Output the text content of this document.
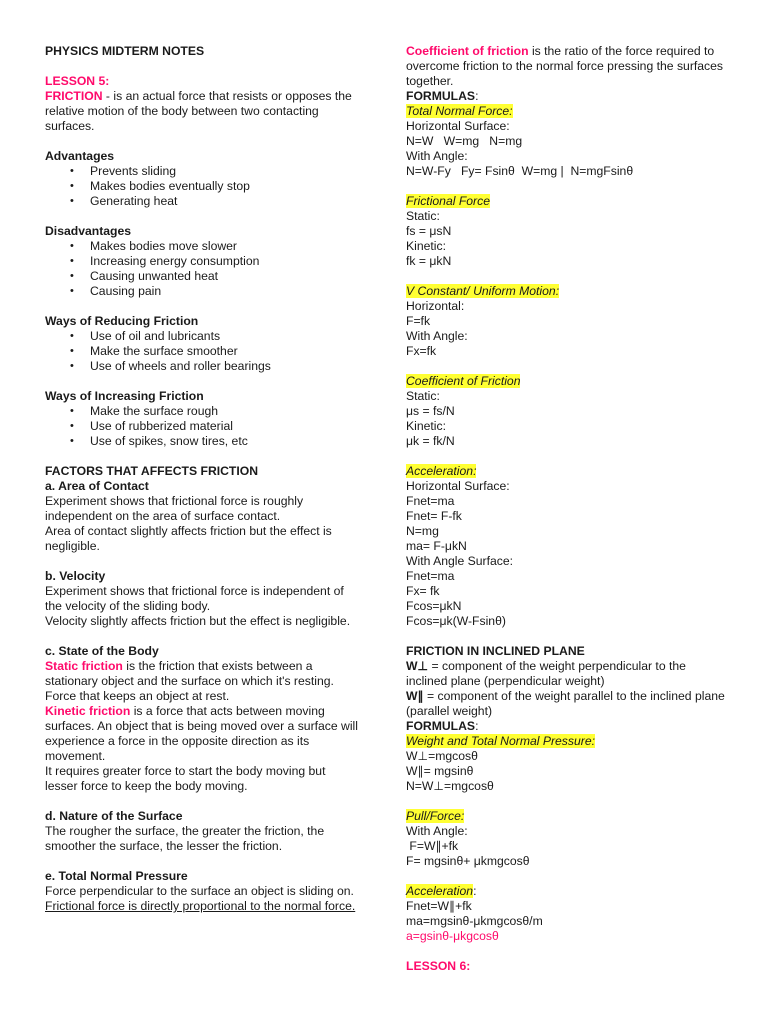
PHYSICS MIDTERM NOTES

LESSON 5:

FRICTION - is an actual force that resists or opposes the relative motion of the body between two contacting surfaces.

Advantages

• Prevents sliding
• Makes bodies eventually stop
• Generating heat

Disadvantages

• Makes bodies move slower
• Increasing energy consumption
• Causing unwanted heat
• Causing pain

Ways of Reducing Friction

• Use of oil and lubricants
• Make the surface smoother
• Use of wheels and roller bearings

Ways of Increasing Friction

• Make the surface rough
• Use of rubberized material
• Use of spikes, snow tires, etc

FACTORS THAT AFFECTS FRICTION

a. Area of Contact

Experiment shows that frictional force is roughly independent on the area of surface contact.

Area of contact slightly affects friction but the effect is negligible.

b. Velocity

Experiment shows that frictional force is independent of the velocity of the sliding body.

Velocity slightly affects friction but the effect is negligible.

c. State of the Body

Static friction is the friction that exists between a stationary object and the surface on which it's resting. Force that keeps an object at rest.

Kinetic friction is a force that acts between moving surfaces. An object that is being moved over a surface will experience a force in the opposite direction as its movement.

It requires greater force to start the body moving but lesser force to keep the body moving.

d. Nature of the Surface

The rougher the surface, the greater the friction, the smoother the surface, the lesser the friction.

e. Total Normal Pressure

Force perpendicular to the surface an object is sliding on.

Frictional force is directly proportional to the normal force.

Coefficient of friction is the ratio of the force required to overcome friction to the normal force pressing the surfaces together.

FORMULAS:

Total Normal Force:

Horizontal Surface:

N=W   W=mg   N=mg

With Angle:

N=W-Fy   Fy= Fsinθ  W=mg |  N=mgFsinθ

Frictional Force

Static:

fs = μsN

Kinetic:

fk = μkN

V Constant/ Uniform Motion:

Horizontal:

F=fk

With Angle:

Fx=fk

Coefficient of Friction

Static:

μs = fs/N

Kinetic:

μk = fk/N

Acceleration:

Horizontal Surface:

Fnet=ma

Fnet= F-fk

N=mg

ma= F-μkN

With Angle Surface:

Fnet=ma

Fx= fk

Fcos=μkN

Fcos=μk(W-Fsinθ)

FRICTION IN INCLINED PLANE

W⊥ = component of the weight perpendicular to the inclined plane (perpendicular weight)

W∥ = component of the weight parallel to the inclined plane (parallel weight)

FORMULAS:

Weight and Total Normal Pressure:

W⊥=mgcosθ

W∥= mgsinθ

N=W⊥=mgcosθ

Pull/Force:

With Angle:

F=W∥+fk

F= mgsinθ+ μkmgcosθ

Acceleration:

Fnet=W∥+fk

ma=mgsinθ-μkmgcosθ/m

a=gsinθ-μkgcosθ

LESSON 6:
